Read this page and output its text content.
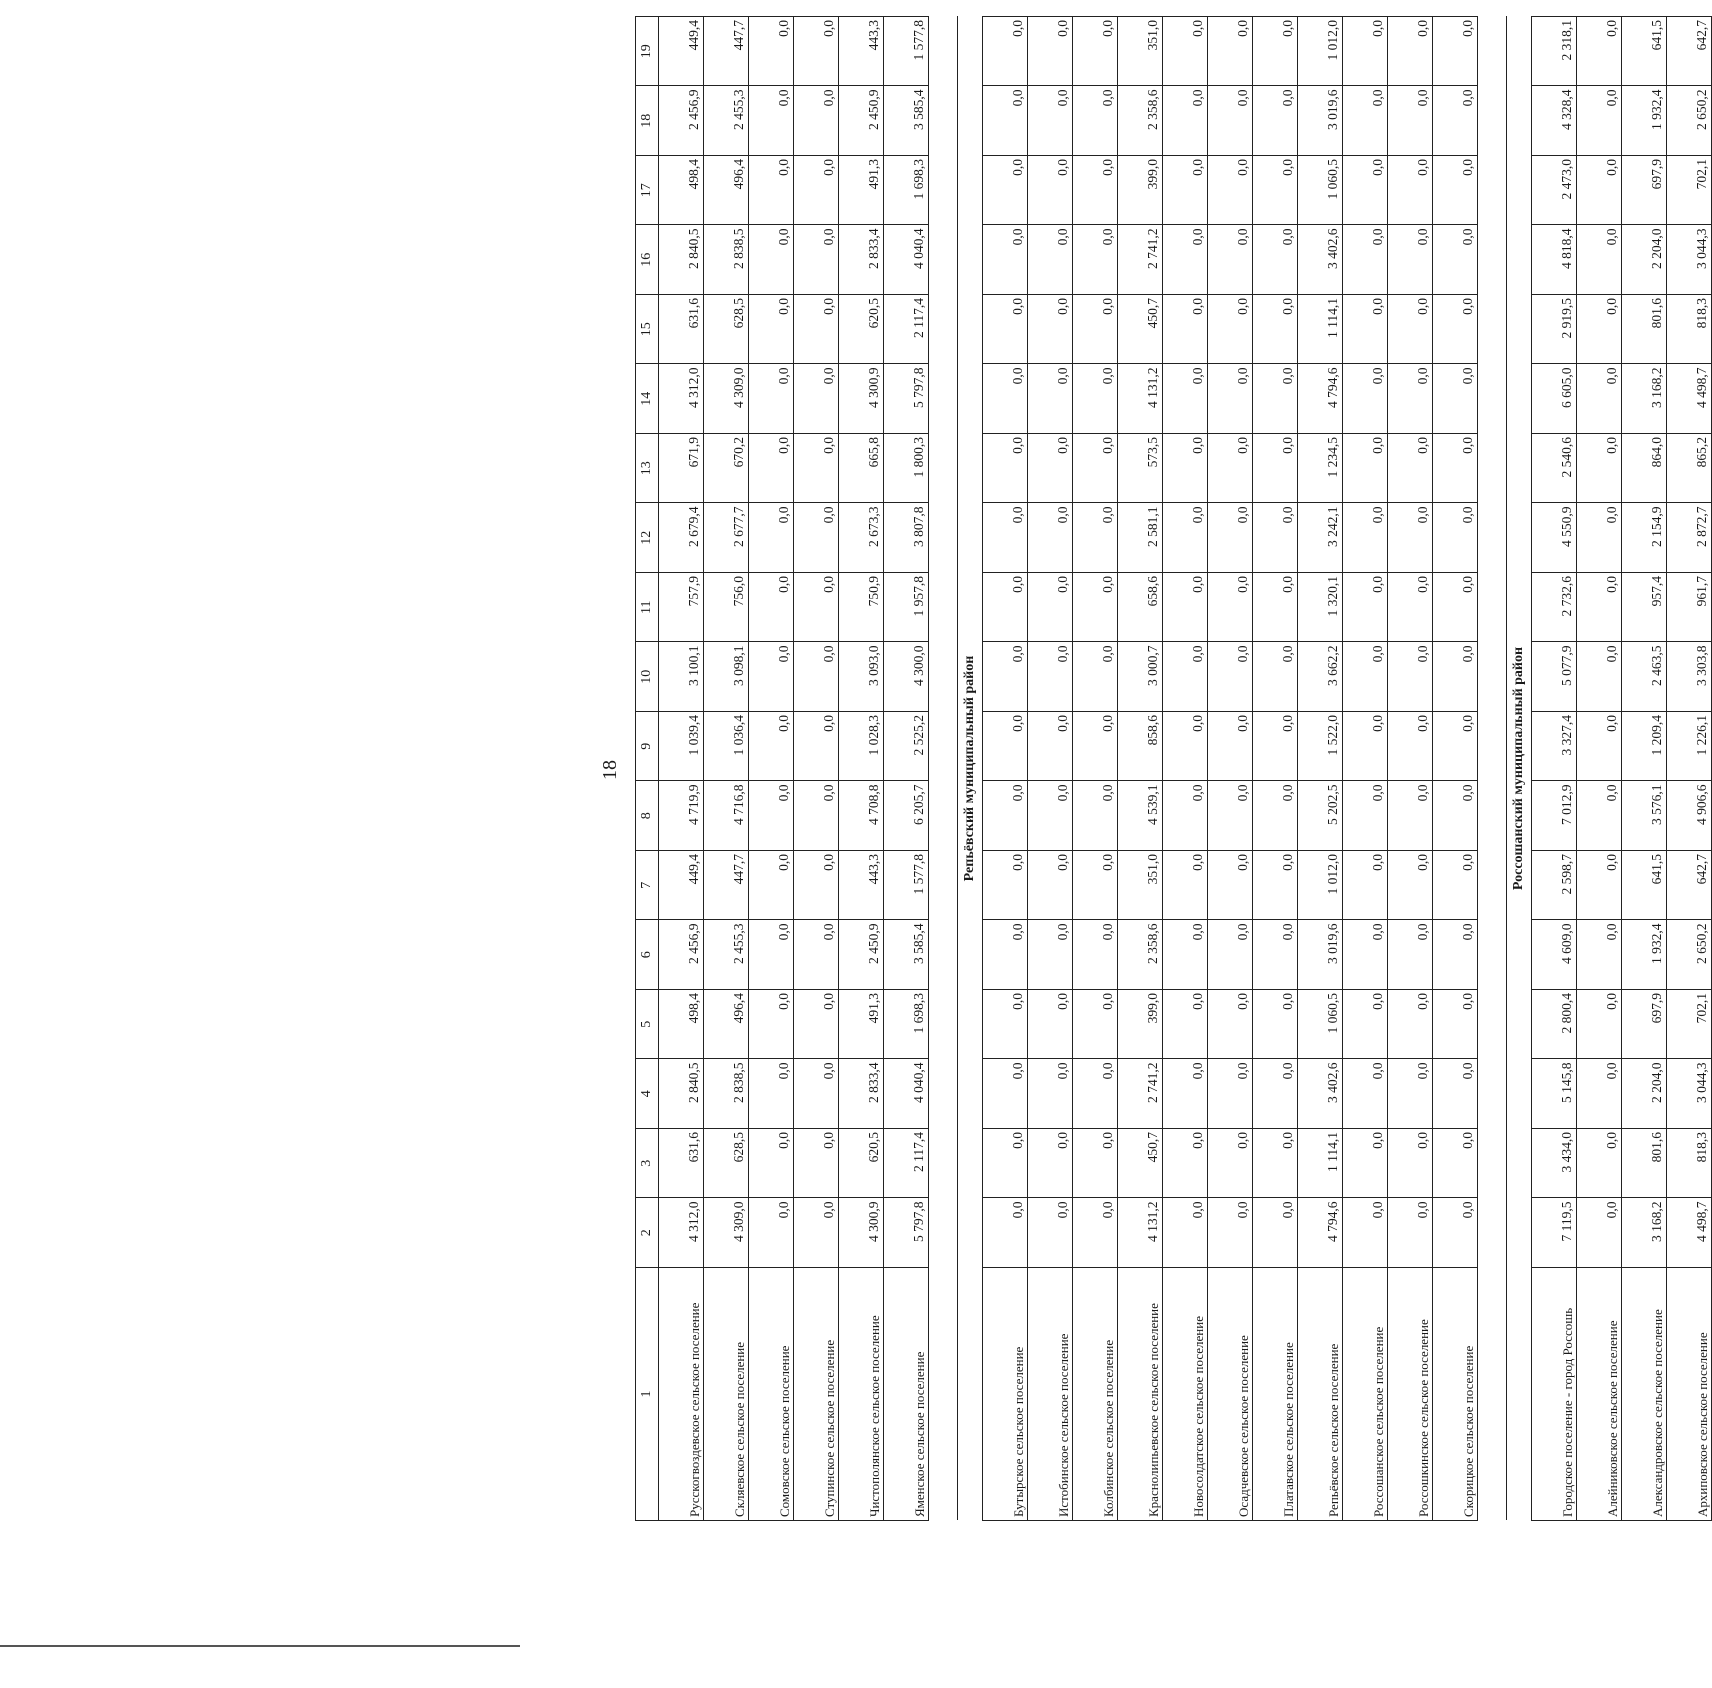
18
1	2	3	4	5	6	7	8	9	10	11	12	13	14	15	16	17	18	19
Русскогвоздевское сельское поселение	4 312,0	631,6	2 840,5	498,4	2 456,9	449,4	4 719,9	1 039,4	3 100,1	757,9	2 679,4	671,9	4 312,0	631,6	2 840,5	498,4	2 456,9	449,4
Скляевское сельское поселение	4 309,0	628,5	2 838,5	496,4	2 455,3	447,7	4 716,8	1 036,4	3 098,1	756,0	2 677,7	670,2	4 309,0	628,5	2 838,5	496,4	2 455,3	447,7
Сомовское сельское поселение	0,0	0,0	0,0	0,0	0,0	0,0	0,0	0,0	0,0	0,0	0,0	0,0	0,0	0,0	0,0	0,0	0,0	0,0
Ступинское сельское поселение	0,0	0,0	0,0	0,0	0,0	0,0	0,0	0,0	0,0	0,0	0,0	0,0	0,0	0,0	0,0	0,0	0,0	0,0
Чистополянское сельское поселение	4 300,9	620,5	2 833,4	491,3	2 450,9	443,3	4 708,8	1 028,3	3 093,0	750,9	2 673,3	665,8	4 300,9	620,5	2 833,4	491,3	2 450,9	443,3
Яменское сельское поселение	5 797,8	2 117,4	4 040,4	1 698,3	3 585,4	1 577,8	6 205,7	2 525,2	4 300,0	1 957,8	3 807,8	1 800,3	5 797,8	2 117,4	4 040,4	1 698,3	3 585,4	1 577,8

Репьёвский муниципальный район																		
Бутырское сельское поселение	0,0	0,0	0,0	0,0	0,0	0,0	0,0	0,0	0,0	0,0	0,0	0,0	0,0	0,0	0,0	0,0	0,0	0,0
Истобинское сельское поселение	0,0	0,0	0,0	0,0	0,0	0,0	0,0	0,0	0,0	0,0	0,0	0,0	0,0	0,0	0,0	0,0	0,0	0,0
Колбинское сельское поселение	0,0	0,0	0,0	0,0	0,0	0,0	0,0	0,0	0,0	0,0	0,0	0,0	0,0	0,0	0,0	0,0	0,0	0,0
Краснолипьевское сельское поселение	4 131,2	450,7	2 741,2	399,0	2 358,6	351,0	4 539,1	858,6	3 000,7	658,6	2 581,1	573,5	4 131,2	450,7	2 741,2	399,0	2 358,6	351,0
Новосолдатское сельское поселение	0,0	0,0	0,0	0,0	0,0	0,0	0,0	0,0	0,0	0,0	0,0	0,0	0,0	0,0	0,0	0,0	0,0	0,0
Осадчевское сельское поселение	0,0	0,0	0,0	0,0	0,0	0,0	0,0	0,0	0,0	0,0	0,0	0,0	0,0	0,0	0,0	0,0	0,0	0,0
Платавское сельское поселение	0,0	0,0	0,0	0,0	0,0	0,0	0,0	0,0	0,0	0,0	0,0	0,0	0,0	0,0	0,0	0,0	0,0	0,0
Репьёвское сельское поселение	4 794,6	1 114,1	3 402,6	1 060,5	3 019,6	1 012,0	5 202,5	1 522,0	3 662,2	1 320,1	3 242,1	1 234,5	4 794,6	1 114,1	3 402,6	1 060,5	3 019,6	1 012,0
Россошанское сельское поселение	0,0	0,0	0,0	0,0	0,0	0,0	0,0	0,0	0,0	0,0	0,0	0,0	0,0	0,0	0,0	0,0	0,0	0,0
Россошкинское сельское поселение	0,0	0,0	0,0	0,0	0,0	0,0	0,0	0,0	0,0	0,0	0,0	0,0	0,0	0,0	0,0	0,0	0,0	0,0
Скорицкое сельское поселение	0,0	0,0	0,0	0,0	0,0	0,0	0,0	0,0	0,0	0,0	0,0	0,0	0,0	0,0	0,0	0,0	0,0	0,0

Россошанский муниципальный район																		
Городское поселение - город Россошь	7 119,5	3 434,0	5 145,8	2 800,4	4 609,0	2 598,7	7 012,9	3 327,4	5 077,9	2 732,6	4 550,9	2 540,6	6 605,0	2 919,5	4 818,4	2 473,0	4 328,4	2 318,1
Алейниковское сельское поселение	0,0	0,0	0,0	0,0	0,0	0,0	0,0	0,0	0,0	0,0	0,0	0,0	0,0	0,0	0,0	0,0	0,0	0,0
Александровское сельское поселение	3 168,2	801,6	2 204,0	697,9	1 932,4	641,5	3 576,1	1 209,4	2 463,5	957,4	2 154,9	864,0	3 168,2	801,6	2 204,0	697,9	1 932,4	641,5
Архиповское сельское поселение	4 498,7	818,3	3 044,3	702,1	2 650,2	642,7	4 906,6	1 226,1	3 303,8	961,7	2 872,7	865,2	4 498,7	818,3	3 044,3	702,1	2 650,2	642,7
